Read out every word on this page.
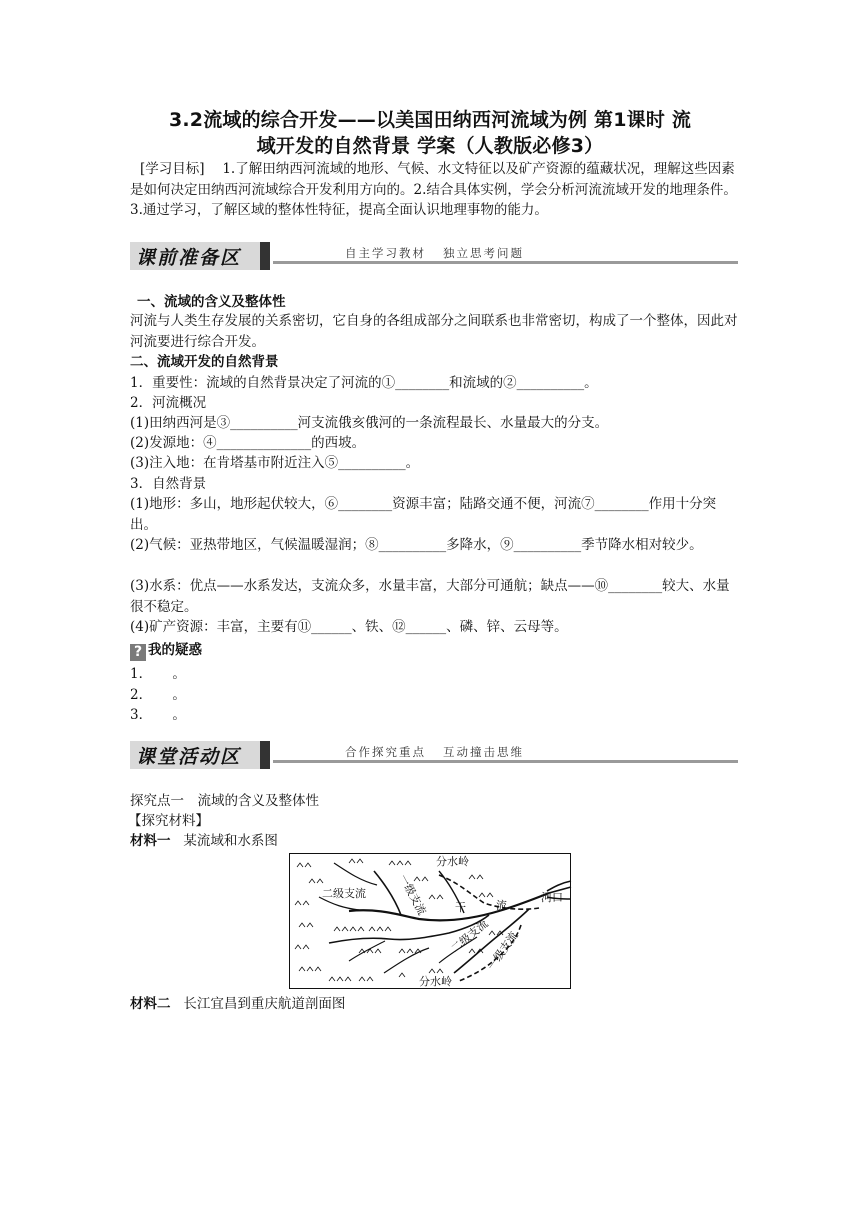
3.2流域的综合开发——以美国田纳西河流域为例 第1课时 流
域开发的自然背景 学案（人教版必修3）
[学习目标]　 1.了解田纳西河流域的地形、气候、水文特征以及矿产资源的蕴藏状况，理解这些因素是如何决定田纳西河流域综合开发利用方向的。2.结合具体实例，学会分析河流流域开发的地理条件。3.通过学习，了解区域的整体性特征，提高全面认识地理事物的能力。
课前准备区	自主学习教材   独立思考问题
一、流域的含义及整体性
河流与人类生存发展的关系密切，它自身的各组成部分之间联系也非常密切，构成了一个整体，因此对河流要进行综合开发。
二、流域开发的自然背景
1．重要性：流域的自然背景决定了河流的①________和流域的②__________。
2．河流概况
(1)田纳西河是③__________河支流俄亥俄河的一条流程最长、水量最大的分支。
(2)发源地：④______________的西坡。
(3)注入地：在肯塔基市附近注入⑤__________。
3．自然背景
(1)地形：多山，地形起伏较大，⑥________资源丰富；陆路交通不便，河流⑦________作用十分突出。
(2)气候：亚热带地区，气候温暖湿润；⑧__________多降水，⑨__________季节降水相对较少。
(3)水系：优点——水系发达，支流众多，水量丰富，大部分可通航；缺点——⑩________较大、水量很不稳定。
(4)矿产资源：丰富，主要有⑪______、铁、⑫______、磷、锌、云母等。
? 我的疑惑
1．　　。
2．　　。
3．　　。
课堂活动区	合作探究重点   互动撞击思维
探究点一　流域的含义及整体性
【探究材料】
材料一 某流域和水系图
分水岭
分水岭
二级支流	一级支流 干	流
河口
二级支流
一级支流
材料二 长江宜昌到重庆航道剖面图
